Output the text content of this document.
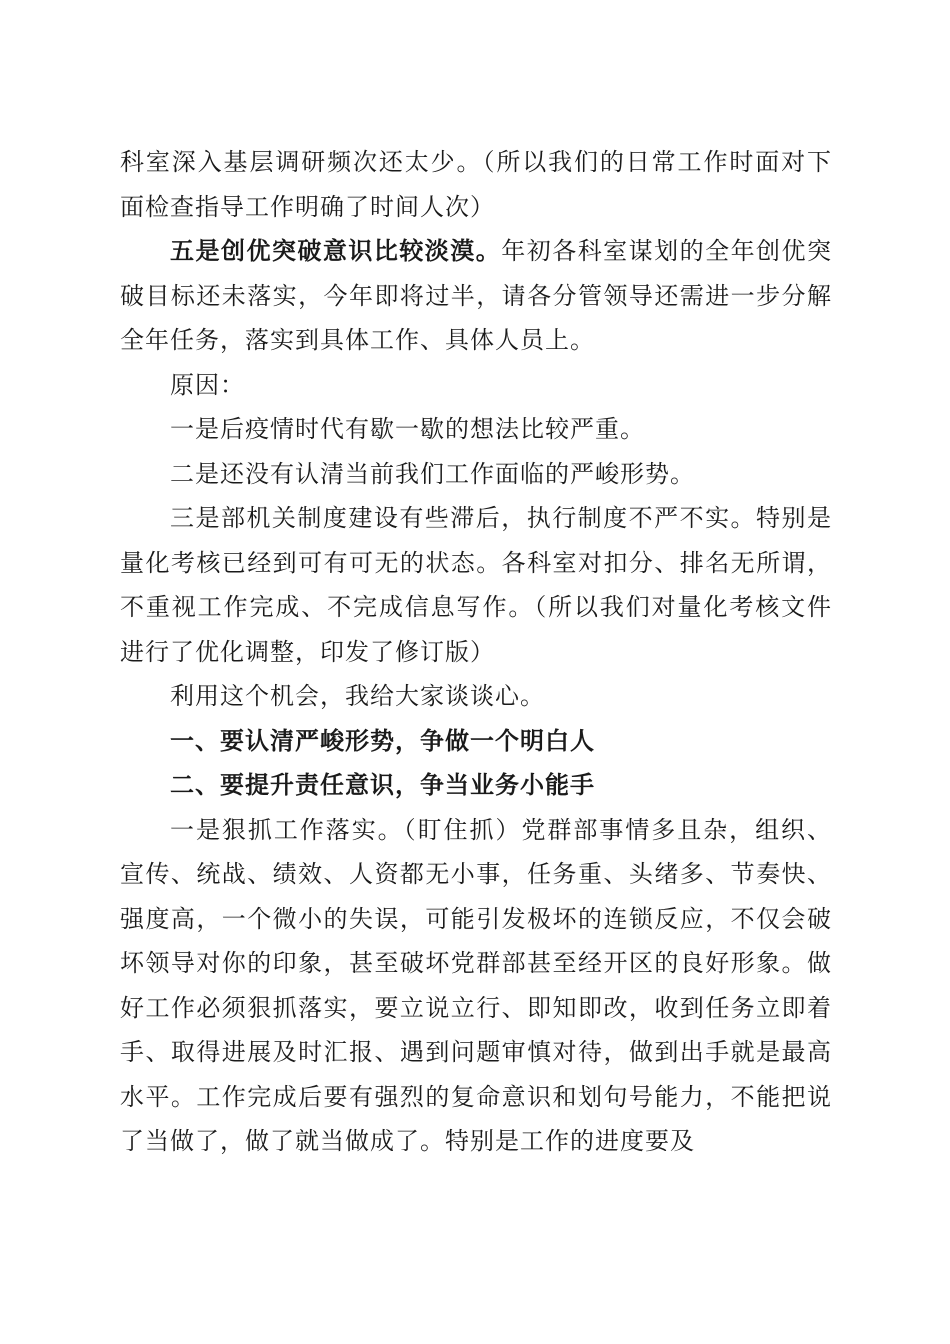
科室深入基层调研频次还太少。（所以我们的日常工作时面对下面检查指导工作明确了时间人次）

五是创优突破意识比较淡漠。年初各科室谋划的全年创优突破目标还未落实，今年即将过半，请各分管领导还需进一步分解全年任务，落实到具体工作、具体人员上。

原因：

一是后疫情时代有歇一歇的想法比较严重。

二是还没有认清当前我们工作面临的严峻形势。

三是部机关制度建设有些滞后，执行制度不严不实。特别是量化考核已经到可有可无的状态。各科室对扣分、排名无所谓，不重视工作完成、不完成信息写作。（所以我们对量化考核文件进行了优化调整，印发了修订版）

利用这个机会，我给大家谈谈心。

一、要认清严峻形势，争做一个明白人

二、要提升责任意识，争当业务小能手

一是狠抓工作落实。（盯住抓）党群部事情多且杂，组织、宣传、统战、绩效、人资都无小事，任务重、头绪多、节奏快、强度高，一个微小的失误，可能引发极坏的连锁反应，不仅会破坏领导对你的印象，甚至破坏党群部甚至经开区的良好形象。做好工作必须狠抓落实，要立说立行、即知即改，收到任务立即着手、取得进展及时汇报、遇到问题审慎对待，做到出手就是最高水平。工作完成后要有强烈的复命意识和划句号能力，不能把说了当做了，做了就当做成了。特别是工作的进度要及
